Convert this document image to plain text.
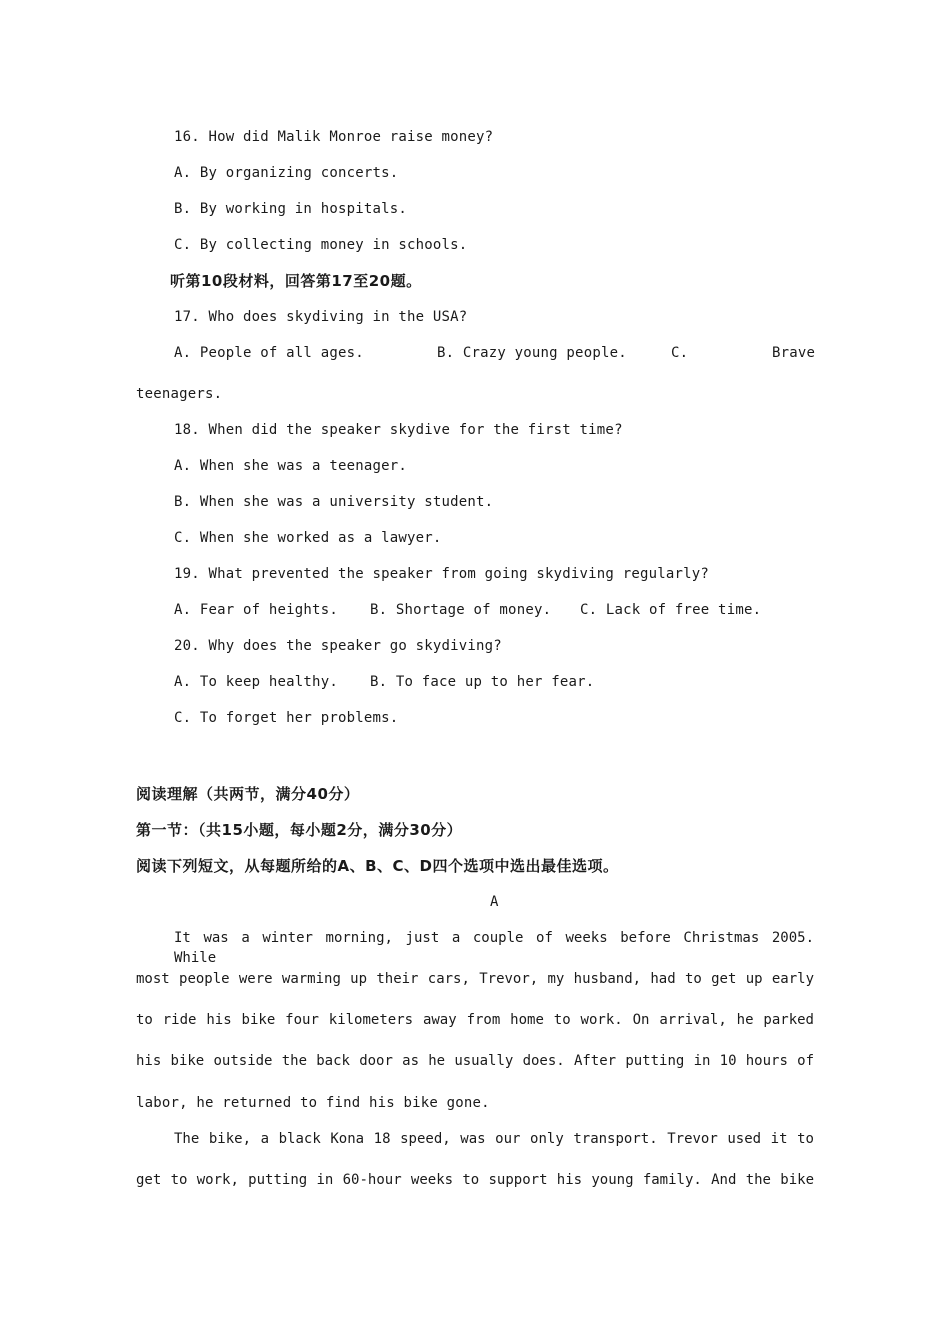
16. How did Malik Monroe raise money?
A. By organizing concerts.
B. By working in hospitals.
C. By collecting money in schools.
听第10段材料，回答第17至20题。
17. Who does skydiving in the USA?
A. People of all ages.	B. Crazy young people.	C.	Brave
teenagers.
18. When did the speaker skydive for the first time?
A. When she was a teenager.
B. When she was a university student.
C. When she worked as a lawyer.
19. What prevented the speaker from going skydiving regularly?
A. Fear of heights. B. Shortage of money. C. Lack of free time.
20. Why does the speaker go skydiving?
A. To keep healthy. B. To face up to her fear.
C. To forget her problems.
阅读理解（共两节，满分40分）
第一节：（共15小题，每小题2分，满分30分）
阅读下列短文，从每题所给的A、B、C、D四个选项中选出最佳选项。
A
It was a winter morning, just a couple of weeks before Christmas 2005. While
most people were warming up their cars, Trevor, my husband, had to get up early
to ride his bike four kilometers away from home to work. On arrival, he parked
his bike outside the back door as he usually does. After putting in 10 hours of
labor, he returned to find his bike gone.
The bike, a black Kona 18 speed, was our only transport. Trevor used it to
get to work, putting in 60-hour weeks to support his young family. And the bike
